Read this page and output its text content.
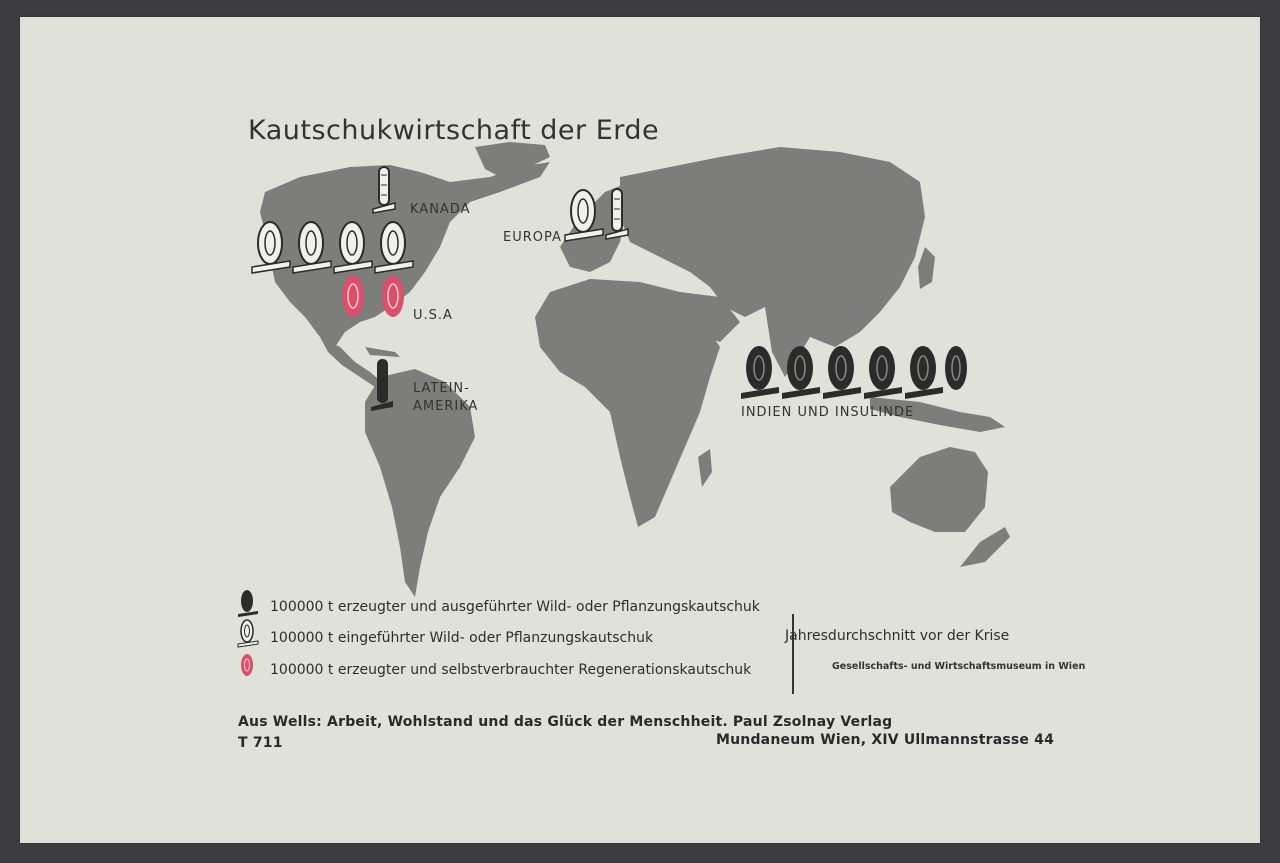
Kautschukwirtschaft der Erde
KANADA
EUROPA
U.S.A
LATEIN-
AMERIKA	INDIEN UND INSULINDE
100000 t erzeugter und ausgeführter Wild- oder Pflanzungskautschuk
100000 t eingeführter Wild- oder Pflanzungskautschuk
100000 t erzeugter und selbstverbrauchter Regenerationskautschuk
Jahresdurchschnitt vor der Krise
Gesellschafts- und Wirtschaftsmuseum in Wien
Aus Wells: Arbeit, Wohlstand und das Glück der Menschheit. Paul Zsolnay Verlag
T 711	Mundaneum Wien, XIV Ullmannstrasse 44
